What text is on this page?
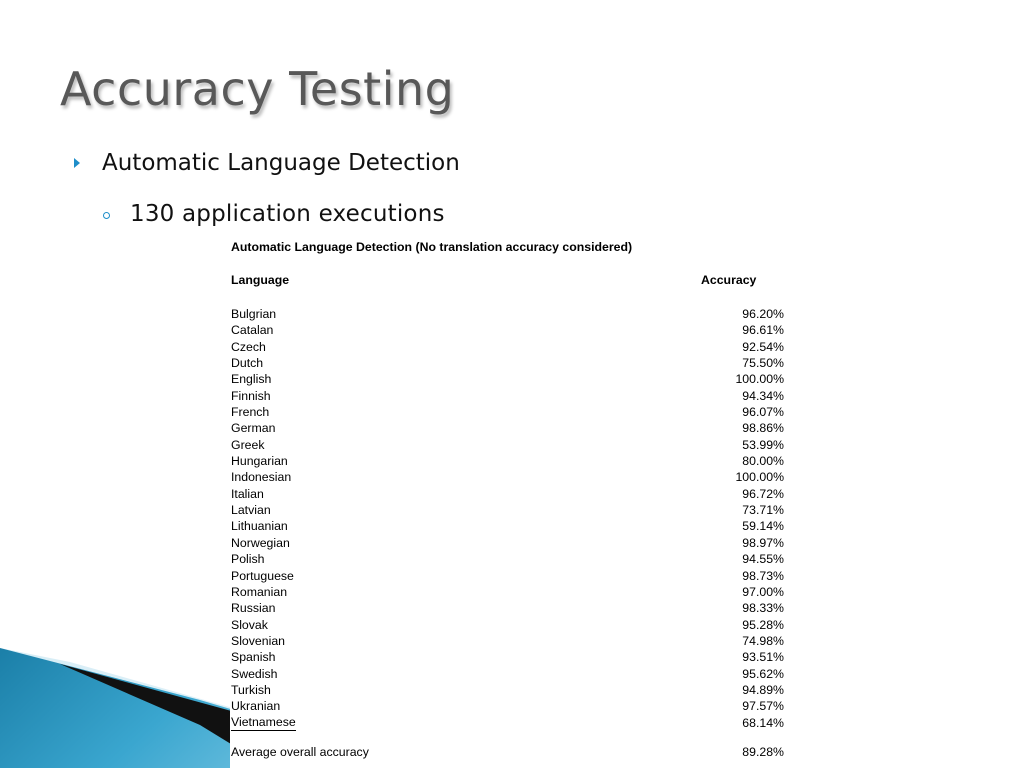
Accuracy Testing
Automatic Language Detection
130 application executions
Automatic Language Detection (No translation accuracy considered)
Language	Accuracy
Bulgrian	96.20%
Catalan	96.61%
Czech	92.54%
Dutch	75.50%
English	100.00%
Finnish	94.34%
French	96.07%
German	98.86%
Greek	53.99%
Hungarian	80.00%
Indonesian	100.00%
Italian	96.72%
Latvian	73.71%
Lithuanian	59.14%
Norwegian	98.97%
Polish	94.55%
Portuguese	98.73%
Romanian	97.00%
Russian	98.33%
Slovak	95.28%
Slovenian	74.98%
Spanish	93.51%
Swedish	95.62%
Turkish	94.89%
Ukranian	97.57%
Vietnamese	68.14%
Average overall accuracy	89.28%
